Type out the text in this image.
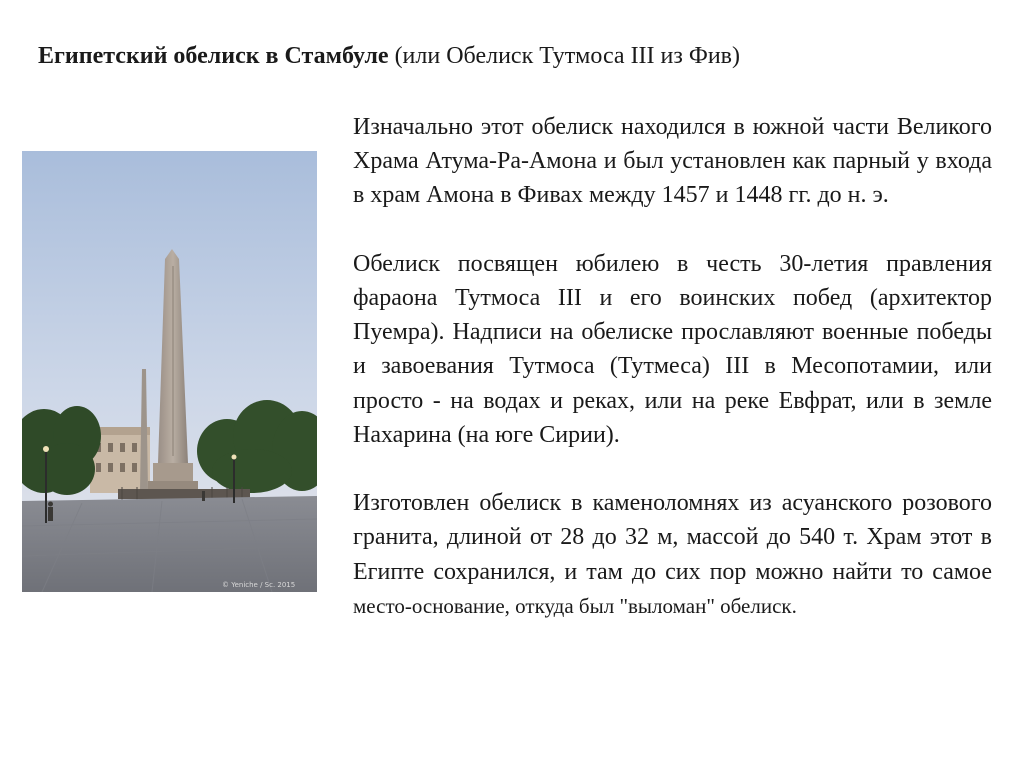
Египетский обелиск в Стамбуле (или Обелиск Тутмоса III из Фив)
© Yeniche / Sc. 2015

Изначально этот обелиск находился в южной части Великого Храма Атума-Ра-Амона и был установлен как парный у входа в храм Амона в Фивах между 1457 и 1448 гг. до н. э.

Обелиск посвящен юбилею в честь 30-летия правления фараона Тутмоса III и его воинских побед (архитектор Пуемра). Надписи на обелиске прославляют военные победы и завоевания Тутмоса (Тутмеса) III в Месопотамии, или просто - на водах и реках, или на реке Евфрат, или в земле Нахарина (на юге Сирии).

Изготовлен обелиск в каменоломнях из асуанского розового гранита, длиной от 28 до 32 м, массой до 540 т. Храм этот в Египте сохранился, и там до сих пор можно найти то самое место-основание, откуда был "выломан" обелиск.
